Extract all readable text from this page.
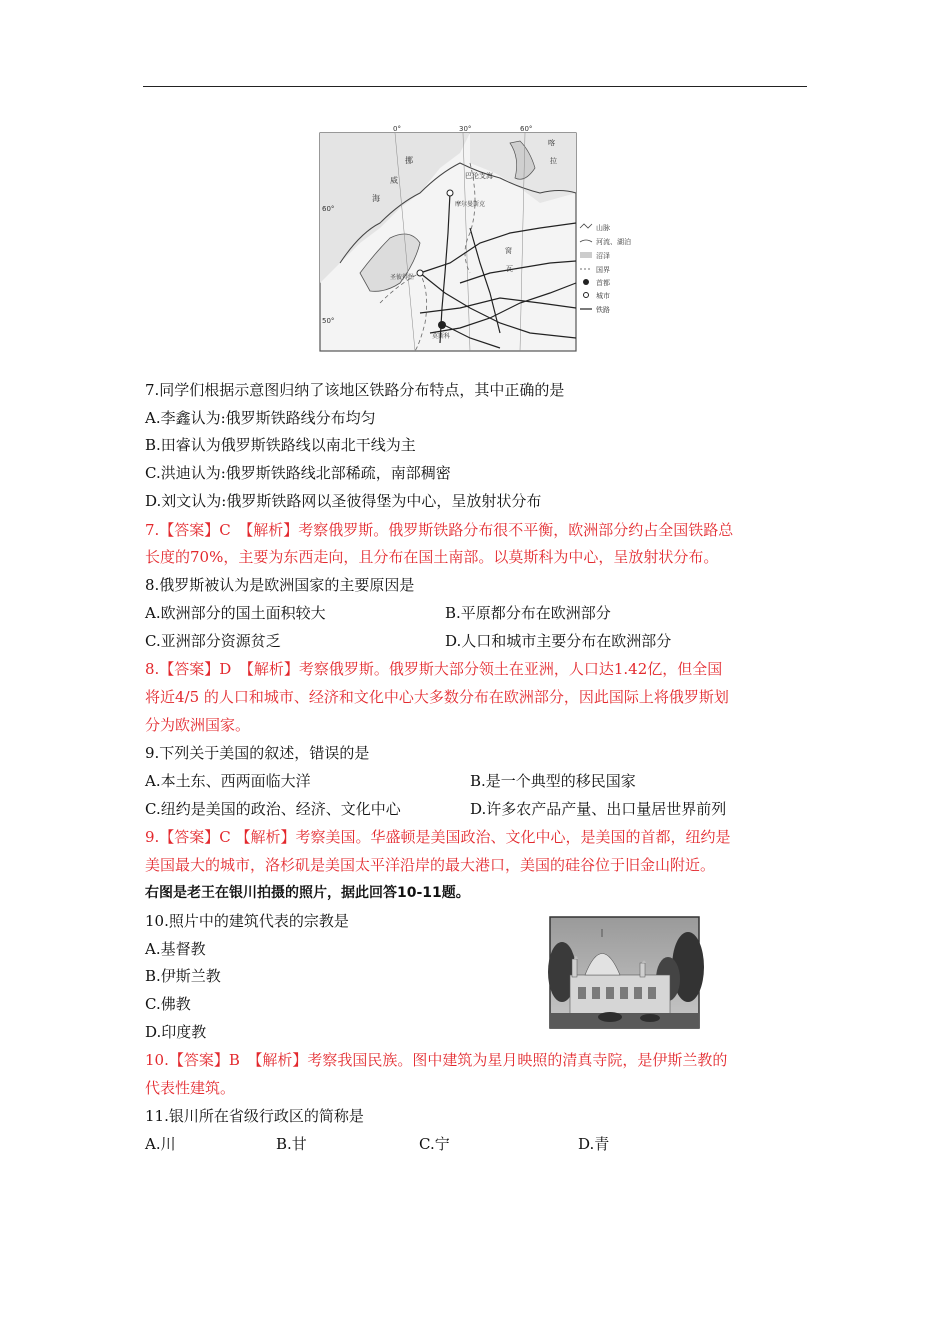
0°	30°	60°
60°
50°
挪
威
海
巴伦支海
喀
拉
摩尔曼斯克
圣彼得堡
莫斯科
窝
瓦
山脉
河流、湖泊
沼泽
国界
首都
城市
铁路
7.同学们根据示意图归纳了该地区铁路分布特点，其中正确的是
A.李鑫认为:俄罗斯铁路线分布均匀
B.田睿认为俄罗斯铁路线以南北干线为主
C.洪迪认为:俄罗斯铁路线北部稀疏，南部稠密
D.刘文认为:俄罗斯铁路网以圣彼得堡为中心，呈放射状分布
7.【答案】C　【解析】考察俄罗斯。俄罗斯铁路分布很不平衡，欧洲部分约占全国铁路总
长度的70%，主要为东西走向，且分布在国土南部。以莫斯科为中心，呈放射状分布。
8.俄罗斯被认为是欧洲国家的主要原因是
A.欧洲部分的国土面积较大	B.平原都分布在欧洲部分
C.亚洲部分资源贫乏	D.人口和城市主要分布在欧洲部分
8.【答案】D　【解析】考察俄罗斯。俄罗斯大部分领土在亚洲，人口达1.42亿，但全国
将近4/5 的人口和城市、经济和文化中心大多数分布在欧洲部分，因此国际上将俄罗斯划
分为欧洲国家。
9.下列关于美国的叙述，错误的是
A.本土东、西两面临大洋	B.是一个典型的移民国家
C.纽约是美国的政治、经济、文化中心	D.许多农产品产量、出口量居世界前列
9.【答案】C 【解析】考察美国。华盛顿是美国政治、文化中心，是美国的首都，纽约是
美国最大的城市，洛杉矶是美国太平洋沿岸的最大港口，美国的硅谷位于旧金山附近。
右图是老王在银川拍摄的照片，据此回答10-11题。
10.照片中的建筑代表的宗教是
A.基督教
B.伊斯兰教
C.佛教
D.印度教
10.【答案】B　【解析】考察我国民族。图中建筑为星月映照的清真寺院，是伊斯兰教的
代表性建筑。
11.银川所在省级行政区的简称是
A.川	B.甘	C.宁	D.青
